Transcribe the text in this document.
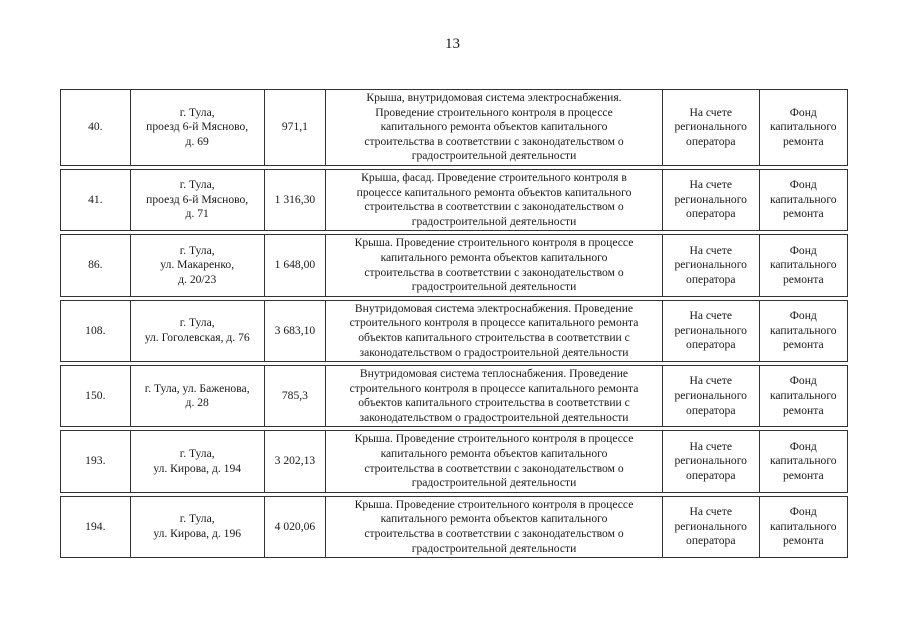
13
40.	г. Тула,
проезд 6-й Мясново,
д. 69	971,1	Крыша, внутридомовая система электроснабжения.
Проведение строительного контроля в процессе
капитального ремонта объектов капитального
строительства в соответствии с законодательством о
градостроительной деятельности	На счете
регионального
оператора	Фонд
капитального
ремонта
41.	г. Тула,
проезд 6-й Мясново,
д. 71	1 316,30	Крыша, фасад. Проведение строительного контроля в
процессе капитального ремонта объектов капитального
строительства в соответствии с законодательством о
градостроительной деятельности	На счете
регионального
оператора	Фонд
капитального
ремонта
86.	г. Тула,
ул. Макаренко,
д. 20/23	1 648,00	Крыша. Проведение строительного контроля в процессе
капитального ремонта объектов капитального
строительства в соответствии с законодательством о
градостроительной деятельности	На счете
регионального
оператора	Фонд
капитального
ремонта
108.	г. Тула,
ул. Гоголевская, д. 76	3 683,10	Внутридомовая система электроснабжения. Проведение
строительного контроля в процессе капитального ремонта
объектов капитального строительства в соответствии с
законодательством о градостроительной деятельности	На счете
регионального
оператора	Фонд
капитального
ремонта
150.	г. Тула, ул. Баженова,
д. 28	785,3	Внутридомовая система теплоснабжения. Проведение
строительного контроля в процессе капитального ремонта
объектов капитального строительства в соответствии с
законодательством о градостроительной деятельности	На счете
регионального
оператора	Фонд
капитального
ремонта
193.	г. Тула,
ул. Кирова, д. 194	3 202,13	Крыша. Проведение строительного контроля в процессе
капитального ремонта объектов капитального
строительства в соответствии с законодательством о
градостроительной деятельности	На счете
регионального
оператора	Фонд
капитального
ремонта
194.	г. Тула,
ул. Кирова, д. 196	4 020,06	Крыша. Проведение строительного контроля в процессе
капитального ремонта объектов капитального
строительства в соответствии с законодательством о
градостроительной деятельности	На счете
регионального
оператора	Фонд
капитального
ремонта
